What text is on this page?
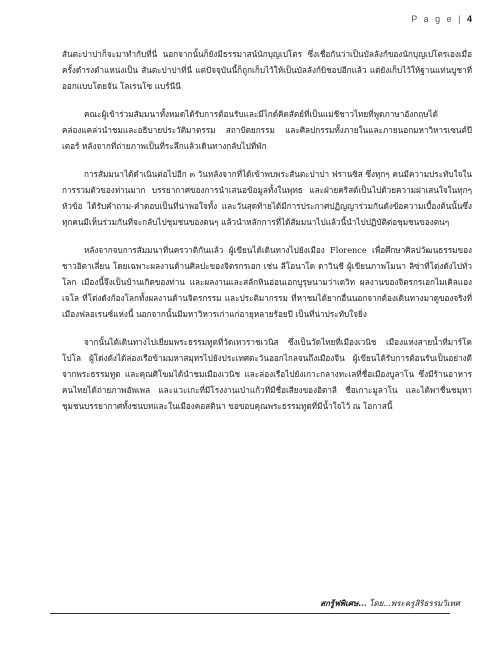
P a g e | 4

สันตะปาปาก็จะมาทำกับที่นี่ นอกจากนั้นก็ยังมีธรรมาสน์นักบุญเปโตร ซึ่งเชื่อกันว่าเป็นบัลลังก์ของนักบุญเปโตรเองเมื่อครั้งดำรงตำแหน่งเป็น สันตะปาปาที่นี่ แต่ปัจจุบันนี้ก็ถูกเก็บไว้ให้เป็นบัลลังก์บิชอปอีกแล้ว แต่ยังเก็บไว้ให้ฐานแท่นบูชาที่ออกแบบโดยจัน โลเรนโซ แบร์นีนี

คณะผู้เข้าร่วมสัมมนาทั้งหมดได้รับการต้อนรับและมีไกด์คิดสัตย์ที่เป็นแม่ชีชาวไทยที่พูดภาษาอังกฤษได้คล่องแคล่วนำชมและอธิบายประวัติมาตรรม สถาปัตยกรรม และศิลปกรรมทั้งภายในและภายนอกมหาวิหารเซนต์ปีเตอร์ หลังจากที่ถ่ายภาพเป็นที่ระลึกแล้วเดินทางกลับไปที่พัก

การสัมมนาได้ดำเนินต่อไปอีก ๓ วันหลังจากที่ได้เข้าพบพระสันตะปาปา ฟรานซิส ซึ่งทุกๆ คนมีความประทับใจในการรวมตัวของท่านมาก บรรยากาศของการนำเสนอข้อมูลทั้งในพุทธ และฝ่ายคริสต์เป็นไปด้วยความผ่าเสนใจในทุกๆหัวข้อ ได้รับคำถาม-คำตอบเป็นที่น่าพอใจทั้ง และวันสุดท้ายได้มีการประกาศปฏิญญาร่วมกันดังข้อความเบื้องต้นนั้นซึ่งทุกคนมีเห็นร่วมกันที่จะกลับไปชุมชนของตนๆ แล้วนำหลักการที่ได้สัมมนาไปแล้วนี้นำไปปฏิบัติต่อชุมชนของตนๆ

หลังจากจบการสัมมนาที่นครวาติกันแล้ว ผู้เขียนได้เดินทางไปยังเมือง Florence เพื่อศึกษาศิลปวัฒนธรรมของชาวอิตาเลี่ยน โดยเฉพาะผลงานด้านศิลปะของจิตรกรเอก เช่น ลีโอนาโด ดาวินชี ผู้เขียนภาพโมนา ลิซ่าที่โด่งดังไปทั่วโลก เมืองนี้จึงเป็นบ้านเกิดของท่าน และผลงานและสลักหินอ่อนเอกบูรุษนามว่าเดวิท ผลงานของจิตรกรเอกไมเคิลแองเจโล ที่โด่งดังก้องโลกทั้งผลงานด้านจิตรกรรม และประติมากรรม ที่หาชมได้ยากอื่นนอกจากต้องเดินทางมาดูของจริงที่เมืองฟลอเรนซ์แห่งนี้ นอกจากนั้นมีมหาวิหารเก่าแก่อายุหลายร้อยปี เป็นที่น่าประทับใจยิ่ง

จากนั้นได้เดินทางไปเยี่ยมพระธรรมทูตที่วัดเทวราชเวนิส ซึ่งเป็นวัดไทยที่เมืองเวนิช เมืองแห่งสายน้ำที่มาร์โคโปโล ผู้โด่งดังได้ล่องเรือข้ามมหาสมุทรไปยังประเทศตะวันออกไกลจนถึงเมืองจีน ผู้เขียนได้รับการต้อนรับเป็นอย่างดีจากพระธรรมทูต และคุณศิโฆมได้นำชมเมืองเวนิช และล่องเรือไปยังเกาะกลางทะเลที่ชื่อเมืองบูลาโน ซึ่งมีร้านอาหารคนไทยได้ถ่ายภาพอัพเพล และแวะเกะที่มีโรงงานเป่าแก้วที่มีชื่อเสียงของอิตาลี ชื่อเกาะมูลาโน และได้พาชื่นชมุหาชุมชนบรรยากาศทั้งชนบทและในเมืองคอสตินา ขอขอบคุณพระธรรมทูตที่มีน้ำใจไว้ ณ โอกาสนี้

สกรู้ฟพิเศษ... โดย...พระครูสิริธรรมวิเทศ
